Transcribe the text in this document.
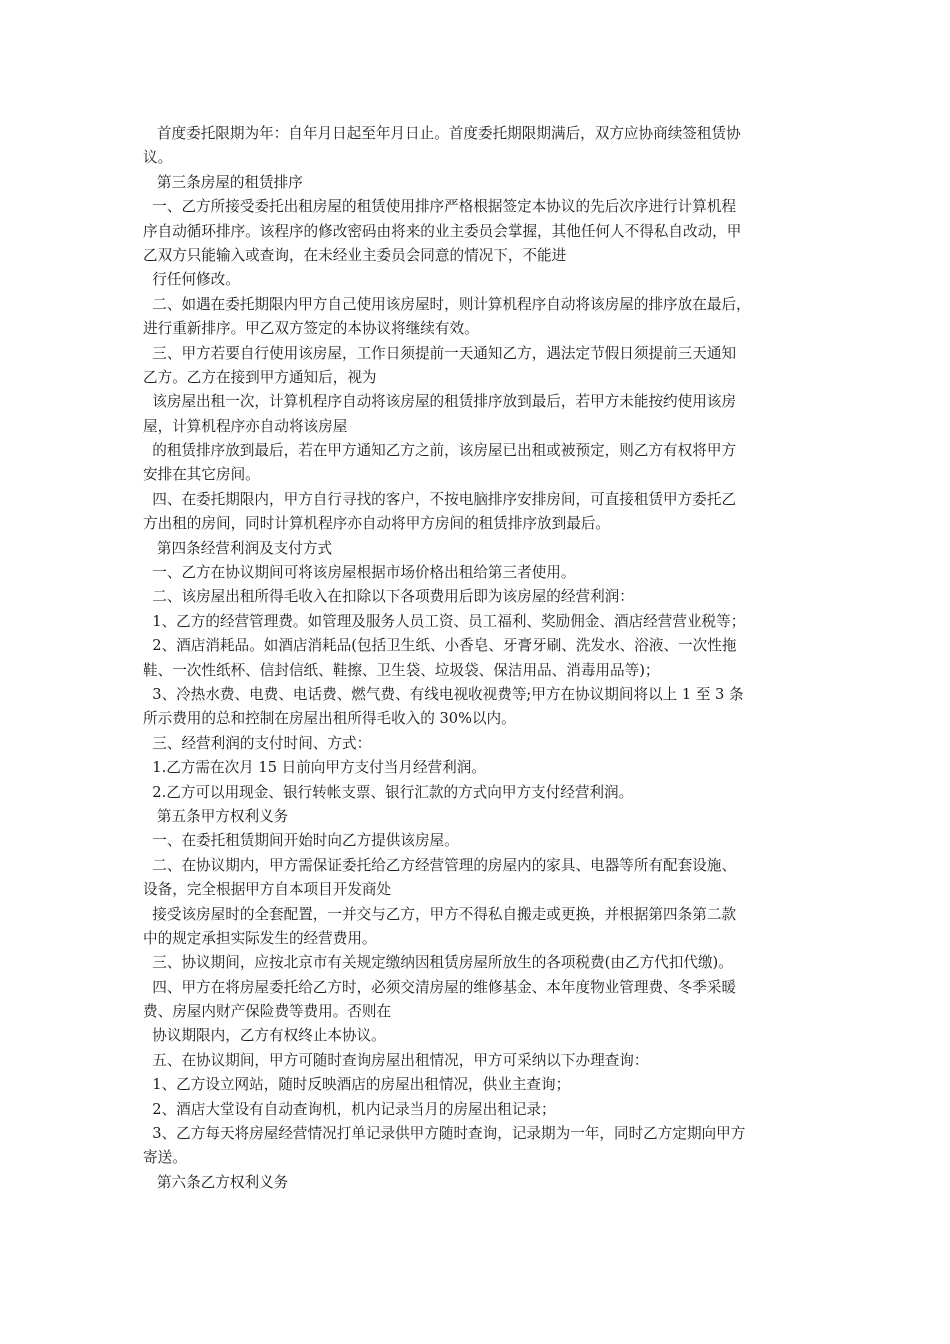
首度委托限期为年：自年月日起至年月日止。首度委托期限期满后，双方应协商续签租赁协
议。
第三条房屋的租赁排序
一、乙方所接受委托出租房屋的租赁使用排序严格根据签定本协议的先后次序进行计算机程
序自动循环排序。该程序的修改密码由将来的业主委员会掌握，其他任何人不得私自改动，甲
乙双方只能输入或查询，在未经业主委员会同意的情况下，不能进
行任何修改。
二、如遇在委托期限内甲方自己使用该房屋时，则计算机程序自动将该房屋的排序放在最后，
进行重新排序。甲乙双方签定的本协议将继续有效。
三、甲方若要自行使用该房屋，工作日须提前一天通知乙方，遇法定节假日须提前三天通知
乙方。乙方在接到甲方通知后，视为
该房屋出租一次，计算机程序自动将该房屋的租赁排序放到最后，若甲方未能按约使用该房
屋，计算机程序亦自动将该房屋
的租赁排序放到最后，若在甲方通知乙方之前，该房屋已出租或被预定，则乙方有权将甲方
安排在其它房间。
四、在委托期限内，甲方自行寻找的客户，不按电脑排序安排房间，可直接租赁甲方委托乙
方出租的房间，同时计算机程序亦自动将甲方房间的租赁排序放到最后。
第四条经营利润及支付方式
一、乙方在协议期间可将该房屋根据市场价格出租给第三者使用。
二、该房屋出租所得毛收入在扣除以下各项费用后即为该房屋的经营利润：
1、乙方的经营管理费。如管理及服务人员工资、员工福利、奖励佣金、酒店经营营业税等；
2、酒店消耗品。如酒店消耗品(包括卫生纸、小香皂、牙膏牙刷、洗发水、浴液、一次性拖
鞋、一次性纸杯、信封信纸、鞋擦、卫生袋、垃圾袋、保洁用品、消毒用品等)；
3、冷热水费、电费、电话费、燃气费、有线电视收视费等;甲方在协议期间将以上 1 至 3 条
所示费用的总和控制在房屋出租所得毛收入的 30%以内。
三、经营利润的支付时间、方式：
1.乙方需在次月 15 日前向甲方支付当月经营利润。
2.乙方可以用现金、银行转帐支票、银行汇款的方式向甲方支付经营利润。
第五条甲方权利义务
一、在委托租赁期间开始时向乙方提供该房屋。
二、在协议期内，甲方需保证委托给乙方经营管理的房屋内的家具、电器等所有配套设施、
设备，完全根据甲方自本项目开发商处
接受该房屋时的全套配置，一并交与乙方，甲方不得私自搬走或更换，并根据第四条第二款
中的规定承担实际发生的经营费用。
三、协议期间，应按北京市有关规定缴纳因租赁房屋所放生的各项税费(由乙方代扣代缴)。
四、甲方在将房屋委托给乙方时，必须交清房屋的维修基金、本年度物业管理费、冬季采暖
费、房屋内财产保险费等费用。否则在
协议期限内，乙方有权终止本协议。
五、在协议期间，甲方可随时查询房屋出租情况，甲方可采纳以下办理查询：
1、乙方设立网站，随时反映酒店的房屋出租情况，供业主查询；
2、酒店大堂设有自动查询机，机内记录当月的房屋出租记录；
3、乙方每天将房屋经营情况打单记录供甲方随时查询，记录期为一年，同时乙方定期向甲方
寄送。
第六条乙方权利义务
